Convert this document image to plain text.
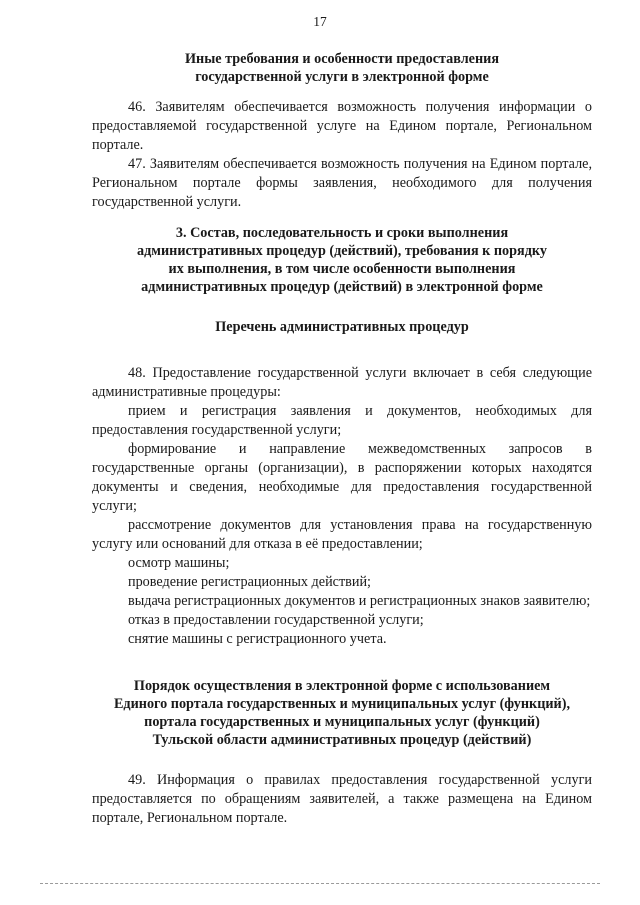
17
Иные требования и особенности предоставления
государственной услуги в электронной форме

46. Заявителям обеспечивается возможность получения информации о предоставляемой государственной услуге на Едином портале, Региональном портале.

47. Заявителям обеспечивается возможность получения на Едином портале, Региональном портале формы заявления, необходимого для получения государственной услуги.

3. Состав, последовательность и сроки выполнения
административных процедур (действий), требования к порядку
их выполнения, в том числе особенности выполнения
административных процедур (действий) в электронной форме
Перечень административных процедур

48. Предоставление государственной услуги включает в себя следующие административные процедуры:

прием и регистрация заявления и документов, необходимых для предоставления государственной услуги;

формирование и направление межведомственных запросов в государственные органы (организации), в распоряжении которых находятся документы и сведения, необходимые для предоставления государственной услуги;

рассмотрение документов для установления права на государственную услугу или оснований для отказа в её предоставлении;

осмотр машины;

проведение регистрационных действий;

выдача регистрационных документов и регистрационных знаков заявителю;

отказ в предоставлении государственной услуги;

снятие машины с регистрационного учета.

Порядок осуществления в электронной форме с использованием
Единого портала государственных и муниципальных услуг (функций),
портала государственных и муниципальных услуг (функций)
Тульской области административных процедур (действий)

49. Информация о правилах предоставления государственной услуги предоставляется по обращениям заявителей, а также размещена на Едином портале, Региональном портале.
